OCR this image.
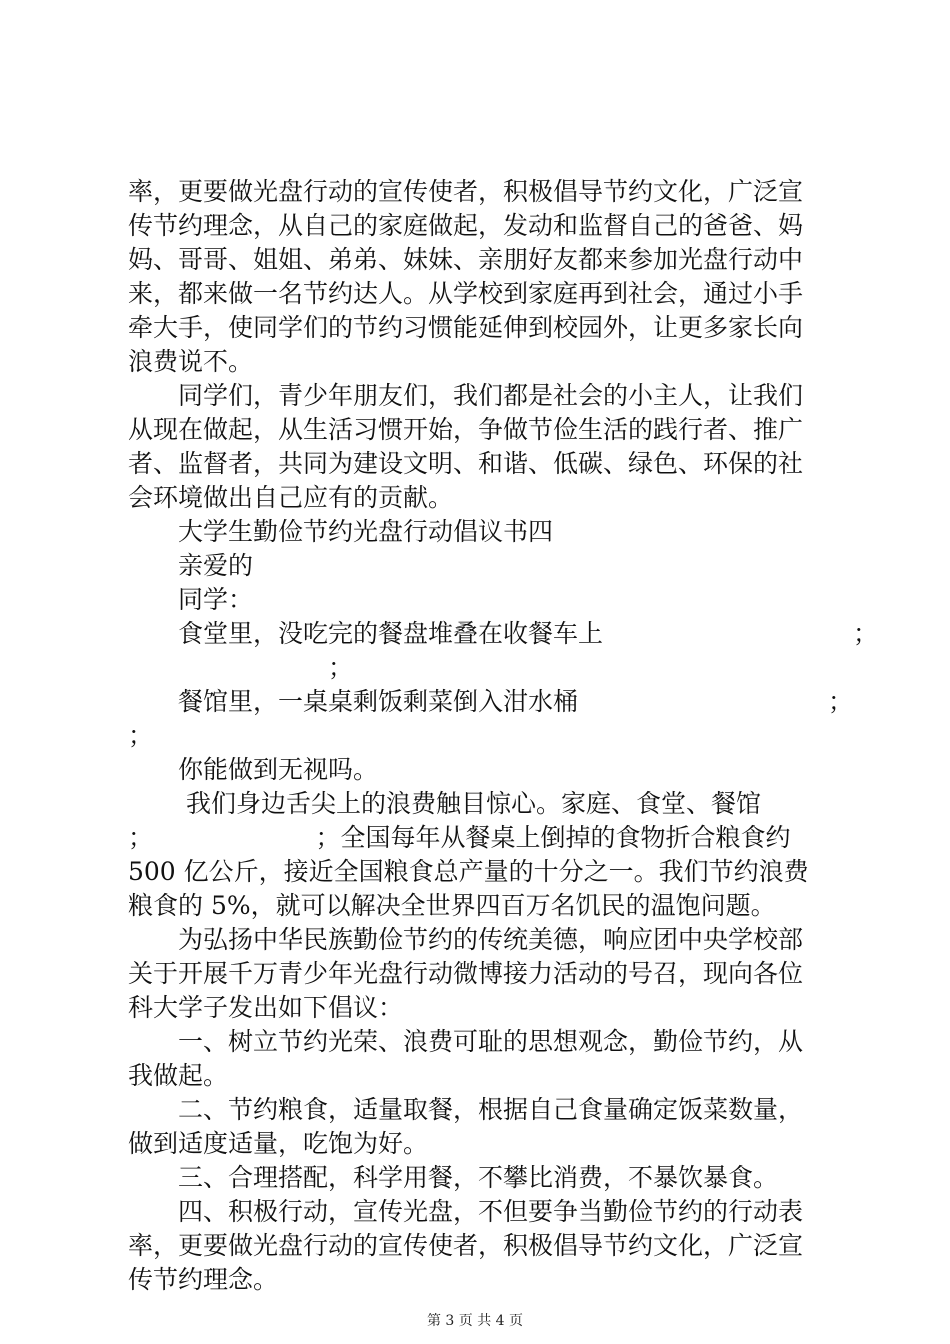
率，更要做光盘行动的宣传使者，积极倡导节约文化，广泛宣

传节约理念，从自己的家庭做起，发动和监督自己的爸爸、妈

妈、哥哥、姐姐、弟弟、妹妹、亲朋好友都来参加光盘行动中

来，都来做一名节约达人。从学校到家庭再到社会，通过小手

牵大手，使同学们的节约习惯能延伸到校园外，让更多家长向

浪费说不。

　　同学们，青少年朋友们，我们都是社会的小主人，让我们

从现在做起，从生活习惯开始，争做节俭生活的践行者、推广

者、监督者，共同为建设文明、和谐、低碳、绿色、环保的社

会环境做出自己应有的贡献。

　　大学生勤俭节约光盘行动倡议书四

　　亲爱的

　　同学：

　　食堂里，没吃完的餐盘堆叠在收餐车上　　　　　　　　　　；

　　　　　　　　；

　　餐馆里，一桌桌剩饭剩菜倒入泔水桶　　　　　　　　　　；

；

　　你能做到无视吗。

　　 我们身边舌尖上的浪费触目惊心。家庭、食堂、餐馆

；　　　　　　　；全国每年从餐桌上倒掉的食物折合粮食约

500 亿公斤，接近全国粮食总产量的十分之一。我们节约浪费

粮食的 5%，就可以解决全世界四百万名饥民的温饱问题。

　　为弘扬中华民族勤俭节约的传统美德，响应团中央学校部

关于开展千万青少年光盘行动微博接力活动的号召，现向各位

科大学子发出如下倡议：

　　一、树立节约光荣、浪费可耻的思想观念，勤俭节约，从

我做起。

　　二、节约粮食，适量取餐，根据自己食量确定饭菜数量，

做到适度适量，吃饱为好。

　　三、合理搭配，科学用餐，不攀比消费，不暴饮暴食。

　　四、积极行动，宣传光盘，不但要争当勤俭节约的行动表

率，更要做光盘行动的宣传使者，积极倡导节约文化，广泛宣

传节约理念。

第 3 页 共 4 页
